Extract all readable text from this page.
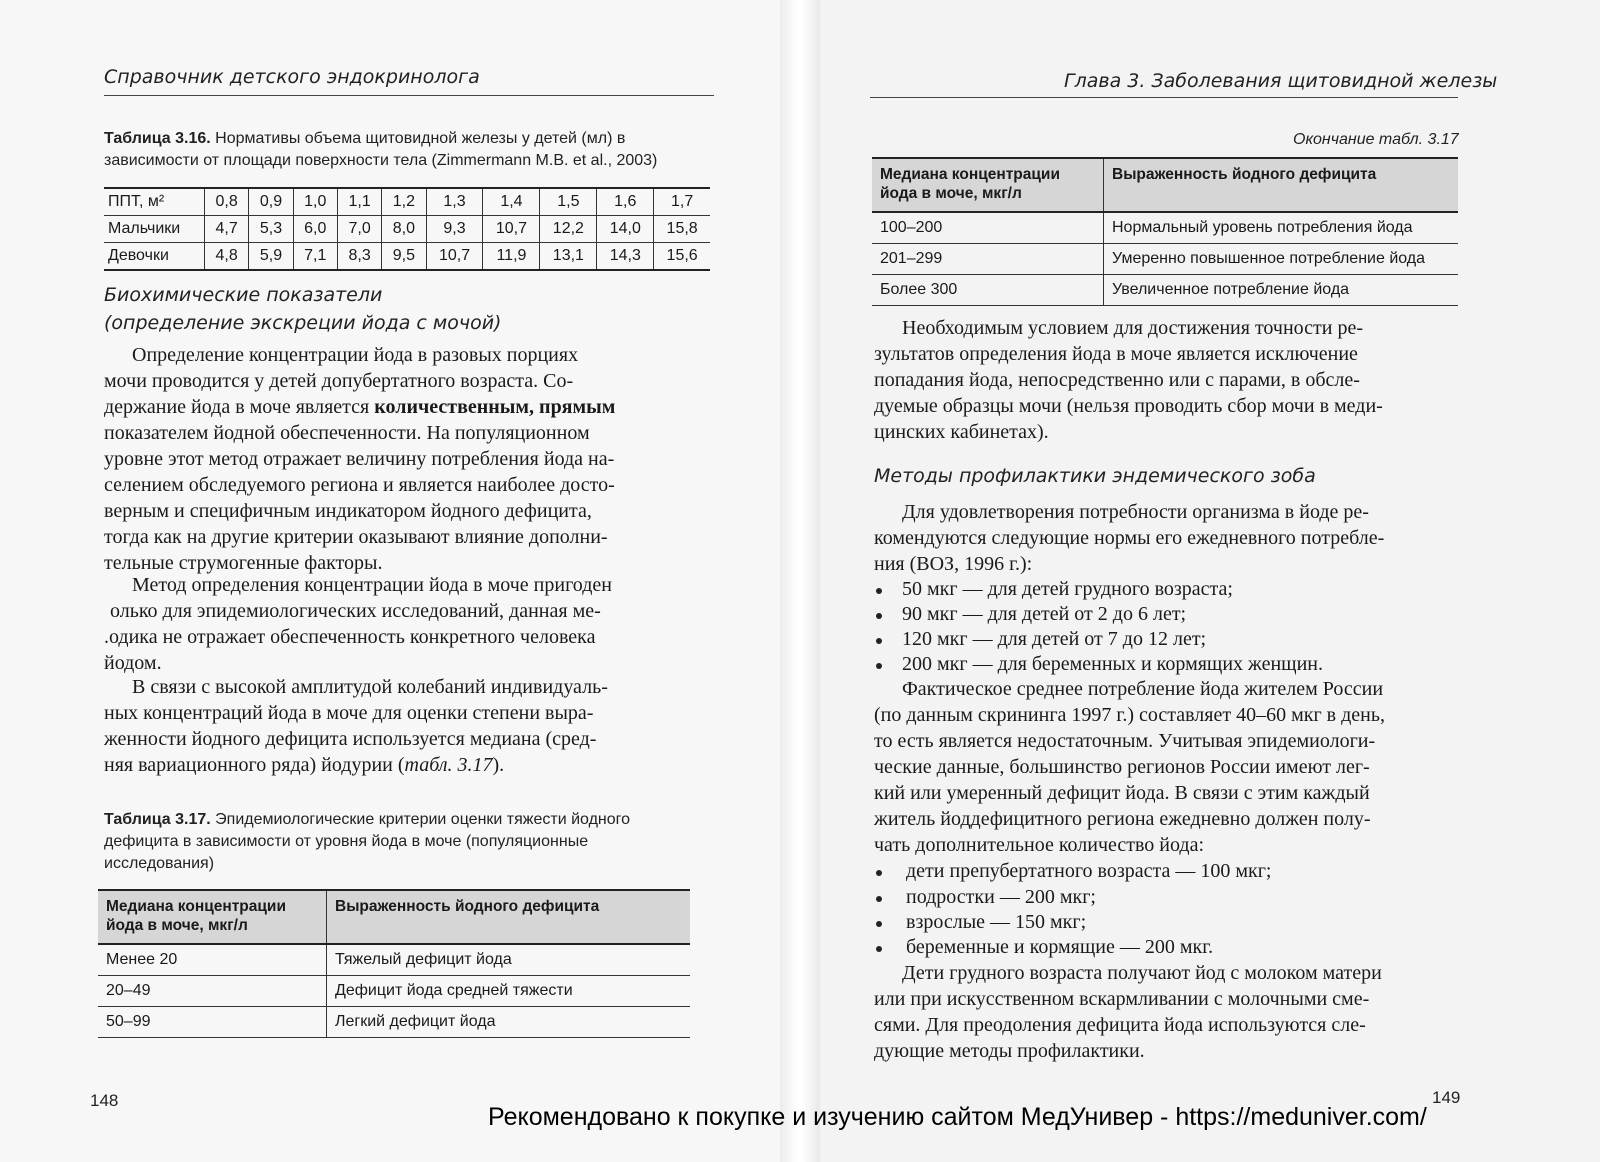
Справочник детского эндокринолога
Таблица 3.16. Нормативы объема щитовидной железы у детей (мл) в
зависимости от площади поверхности тела (Zimmermann M.B. et al., 2003)
ППТ, м²	0,8	0,9	1,0	1,1	1,2	1,3	1,4	1,5	1,6	1,7
Мальчики	4,7	5,3	6,0	7,0	8,0	9,3	10,7	12,2	14,0	15,8
Девочки	4,8	5,9	7,1	8,3	9,5	10,7	11,9	13,1	14,3	15,6
Биохимические показатели
(определение экскреции йода с мочой)
Определение концентрации йода в разовых порциях
мочи проводится у детей допубертатного возраста. Со-
держание йода в моче является количественным, прямым
показателем йодной обеспеченности. На популяционном
уровне этот метод отражает величину потребления йода на-
селением обследуемого региона и является наиболее досто-
верным и специфичным индикатором йодного дефицита,
тогда как на другие критерии оказывают влияние дополни-
тельные струмогенные факторы.
Метод определения концентрации йода в моче пригоден
олько для эпидемиологических исследований, данная ме-
.одика не отражает обеспеченность конкретного человека
йодом.
В связи с высокой амплитудой колебаний индивидуаль-
ных концентраций йода в моче для оценки степени выра-
женности йодного дефицита используется медиана (сред-
няя вариационного ряда) йодурии (табл. 3.17).
Таблица 3.17. Эпидемиологические критерии оценки тяжести йодного
дефицита в зависимости от уровня йода в моче (популяционные
исследования)
Медиана концентрации
йода в моче, мкг/л	Выраженность йодного дефицита
Менее 20	Тяжелый дефицит йода
20–49	Дефицит йода средней тяжести
50–99	Легкий дефицит йода
148
Глава 3. Заболевания щитовидной железы
Окончание табл. 3.17
Медиана концентрации
йода в моче, мкг/л	Выраженность йодного дефицита
100–200	Нормальный уровень потребления йода
201–299	Умеренно повышенное потребление йода
Более 300	Увеличенное потребление йода
Необходимым условием для достижения точности ре-
зультатов определения йода в моче является исключение
попадания йода, непосредственно или с парами, в обсле-
дуемые образцы мочи (нельзя проводить сбор мочи в меди-
цинских кабинетах).
Методы профилактики эндемического зоба
Для удовлетворения потребности организма в йоде ре-
комендуются следующие нормы его ежедневного потребле-
ния (ВОЗ, 1996 г.):
50 мкг — для детей грудного возраста;
90 мкг — для детей от 2 до 6 лет;
120 мкг — для детей от 7 до 12 лет;
200 мкг — для беременных и кормящих женщин.
Фактическое среднее потребление йода жителем России
(по данным скрининга 1997 г.) составляет 40–60 мкг в день,
то есть является недостаточным. Учитывая эпидемиологи-
ческие данные, большинство регионов России имеют лег-
кий или умеренный дефицит йода. В связи с этим каждый
житель йоддефицитного региона ежедневно должен полу-
чать дополнительное количество йода:
дети препубертатного возраста — 100 мкг;
подростки — 200 мкг;
взрослые — 150 мкг;
беременные и кормящие — 200 мкг.
Дети грудного возраста получают йод с молоком матери
или при искусственном вскармливании с молочными сме-
сями. Для преодоления дефицита йода используются сле-
дующие методы профилактики.
149
Рекомендовано к покупке и изучению сайтом МедУнивер - https://meduniver.com/
